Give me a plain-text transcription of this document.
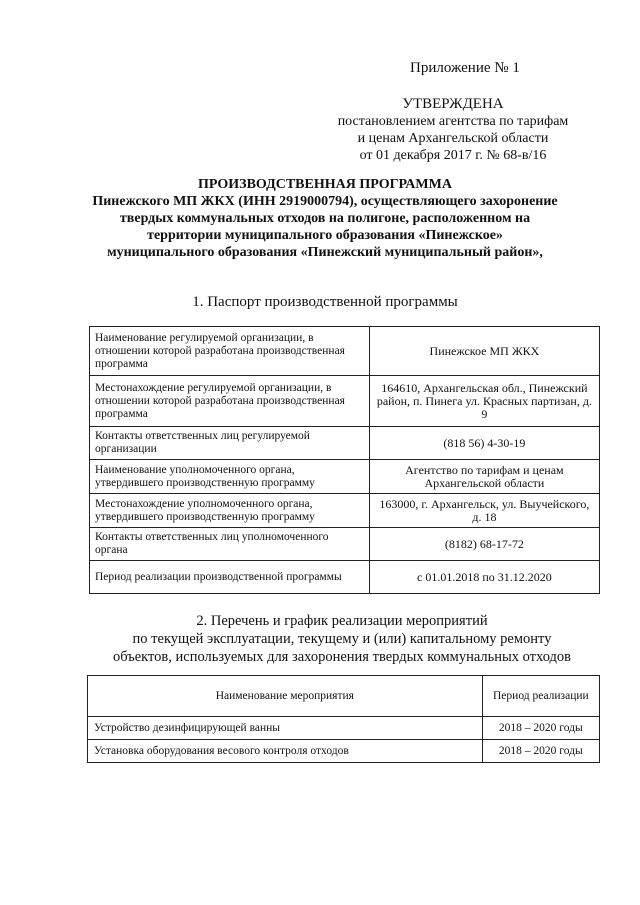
Приложение № 1
УТВЕРЖДЕНА
постановлением агентства по тарифам
и ценам Архангельской области
от 01 декабря 2017 г. № 68-в/16
ПРОИЗВОДСТВЕННАЯ ПРОГРАММА
Пинежского МП ЖКХ (ИНН 2919000794), осуществляющего захоронение
твердых коммунальных отходов на полигоне, расположенном на
территории муниципального образования «Пинежское»
муниципального образования «Пинежский муниципальный район»,
1. Паспорт производственной программы
Наименование регулируемой организации, в отношении которой разработана производственная программа	Пинежское МП ЖКХ
Местонахождение регулируемой организации, в отношении которой разработана производственная программа	164610, Архангельская обл., Пинежский район, п. Пинега ул. Красных партизан, д. 9
Контакты ответственных лиц регулируемой организации	(818 56) 4-30-19
Наименование уполномоченного органа, утвердившего производственную программу	Агентство по тарифам и ценам Архангельской области
Местонахождение уполномоченного органа, утвердившего производственную программу	163000, г. Архангельск, ул. Выучейского, д. 18
Контакты ответственных лиц уполномоченного органа	(8182) 68-17-72
Период реализации производственной программы	с 01.01.2018 по 31.12.2020
2. Перечень и график реализации мероприятий
по текущей эксплуатации, текущему и (или) капитальному ремонту
объектов, используемых для захоронения твердых коммунальных отходов
Наименование мероприятия	Период реализации
Устройство дезинфицирующей ванны	2018 – 2020 годы
Установка оборудования весового контроля отходов	2018 – 2020 годы
